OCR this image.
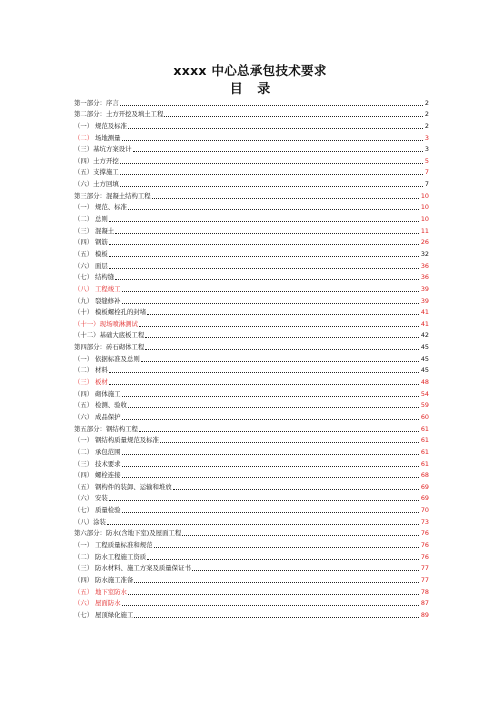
xxxx 中心总承包技术要求
目 录
第一部分： 序言	2
第二部分： 土方开挖及填土工程	2
（一） 规范及标准	2
（二） 场地测量	3
（三） 基坑方案设计	3
（四） 土方开挖	5
（五） 支撑施工	7
（六） 土方回填	7
第三部分： 混凝土结构工程	10
（一） 规范、标准	10
（二） 总则	10
（三） 混凝土	11
（四） 钢筋	26
（五） 模板	32
（六） 面层	36
（七） 结构缝	36
（八） 工程竣工	39
（九） 裂缝修补	39
（十） 模板螺栓孔的封堵	41
（十一） 现场喷淋测试	41
（十二） 基础大底板工程	42
第四部分： 砖石砌体工程	45
（一） 依据标准及总则	45
（二） 材料	45
（三） 板材	48
（四） 砌体施工	54
（五） 检测、验收	59
（六） 成品保护	60
第五部分： 钢结构工程	61
（一） 钢结构质量规范及标准	61
（二） 承包范围	61
（三） 技术要求	61
（四） 螺栓连接	68
（五） 钢构件的装卸、运输和堆放	69
（六） 安装	69
（七） 质量检验	70
（八） 涂装	73
第六部分： 防水(含地下室)及屋面工程	76
（一） 工程质量标准和规范	76
（二） 防水工程施工资质	76
（三） 防水材料、施工方案及质量保证书	77
（四） 防水施工准备	77
（五） 地下室防水	78
（六） 屋面防水	87
（七） 屋顶绿化施工	89
